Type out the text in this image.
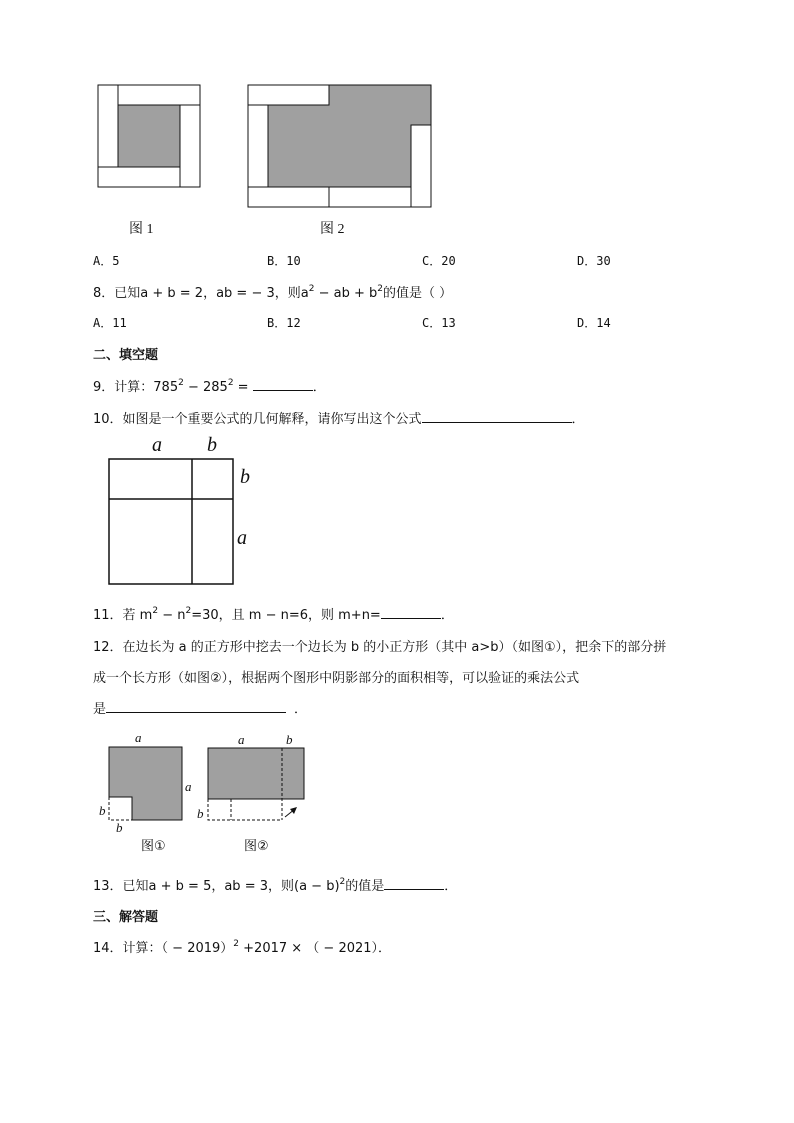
图 1	图 2
A．5	B．10	C．20	D．30
8．已知a + b = 2，ab = − 3，则$a^2$ − ab + $b^2$的值是（ ）
A．11	B．12	C．13	D．14
二、填空题
9．计算：$785^2 - 285^2$ =	．
10．如图是一个重要公式的几何解释，请你写出这个公式	．
a b
b
a
11．若 $m^2 - n^2=30$，且 m − n=6，则 m+n=	．
12．在边长为 a 的正方形中挖去一个边长为 b 的小正方形（其中 a>b）（如图①），把余下的部分拼
成一个长方形（如图②），根据两个图形中阴影部分的面积相等，可以验证的乘法公式
是	．
a
a
b
b
图①
a	b
b
图②
13．已知a + b = 5，ab = 3，则$(a - b)^2$的值是	．
三、解答题
14．计算：（ − 2019）$^2$ +2017 × （ − 2021）．
